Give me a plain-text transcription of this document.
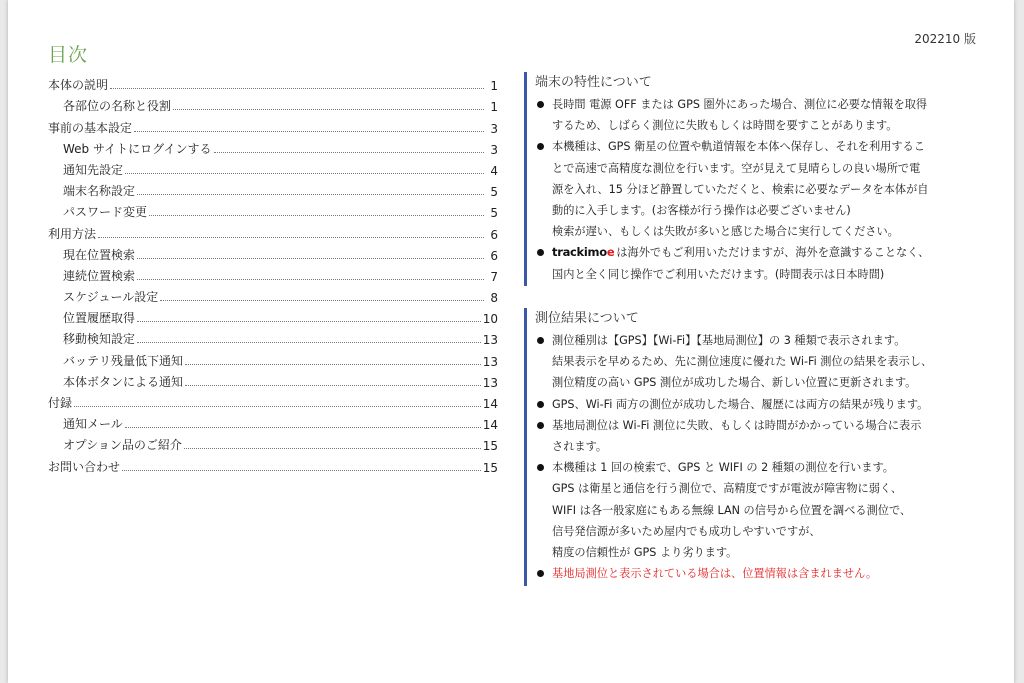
202210 版
目次
本体の説明	1
各部位の名称と役割	1
事前の基本設定	3
Web サイトにログインする	3
通知先設定	4
端末名称設定	5
パスワード変更	5
利用方法	6
現在位置検索	6
連続位置検索	7
スケジュール設定	8
位置履歴取得	10
移動検知設定	13
バッテリ残量低下通知	13
本体ボタンによる通知	13
付録	14
通知メール	14
オプション品のご紹介	15
お問い合わせ	15
端末の特性について
長時間 電源 OFF または GPS 圏外にあった場合、測位に必要な情報を取得
するため、しばらく測位に失敗もしくは時間を要すことがあります。
本機種は、GPS 衛星の位置や軌道情報を本体へ保存し、それを利用するこ
とで高速で高精度な測位を行います。空が見えて見晴らしの良い場所で電
源を入れ、15 分ほど静置していただくと、検索に必要なデータを本体が自
動的に入手します。(お客様が行う操作は必要ございません)
検索が遅い、もしくは失敗が多いと感じた場合に実行してください。
trackimoe は海外でもご利用いただけますが、海外を意識することなく、
国内と全く同じ操作でご利用いただけます。(時間表示は日本時間)
測位結果について
測位種別は【GPS】【Wi-Fi】【基地局測位】の 3 種類で表示されます。
結果表示を早めるため、先に測位速度に優れた Wi-Fi 測位の結果を表示し、
測位精度の高い GPS 測位が成功した場合、新しい位置に更新されます。
GPS、Wi-Fi 両方の測位が成功した場合、履歴には両方の結果が残ります。
基地局測位は Wi-Fi 測位に失敗、もしくは時間がかかっている場合に表示
されます。
本機種は 1 回の検索で、GPS と WIFI の 2 種類の測位を行います。
GPS は衛星と通信を行う測位で、高精度ですが電波が障害物に弱く、
WIFI は各一般家庭にもある無線 LAN の信号から位置を調べる測位で、
信号発信源が多いため屋内でも成功しやすいですが、
精度の信頼性が GPS より劣ります。
基地局測位と表示されている場合は、位置情報は含まれません。
